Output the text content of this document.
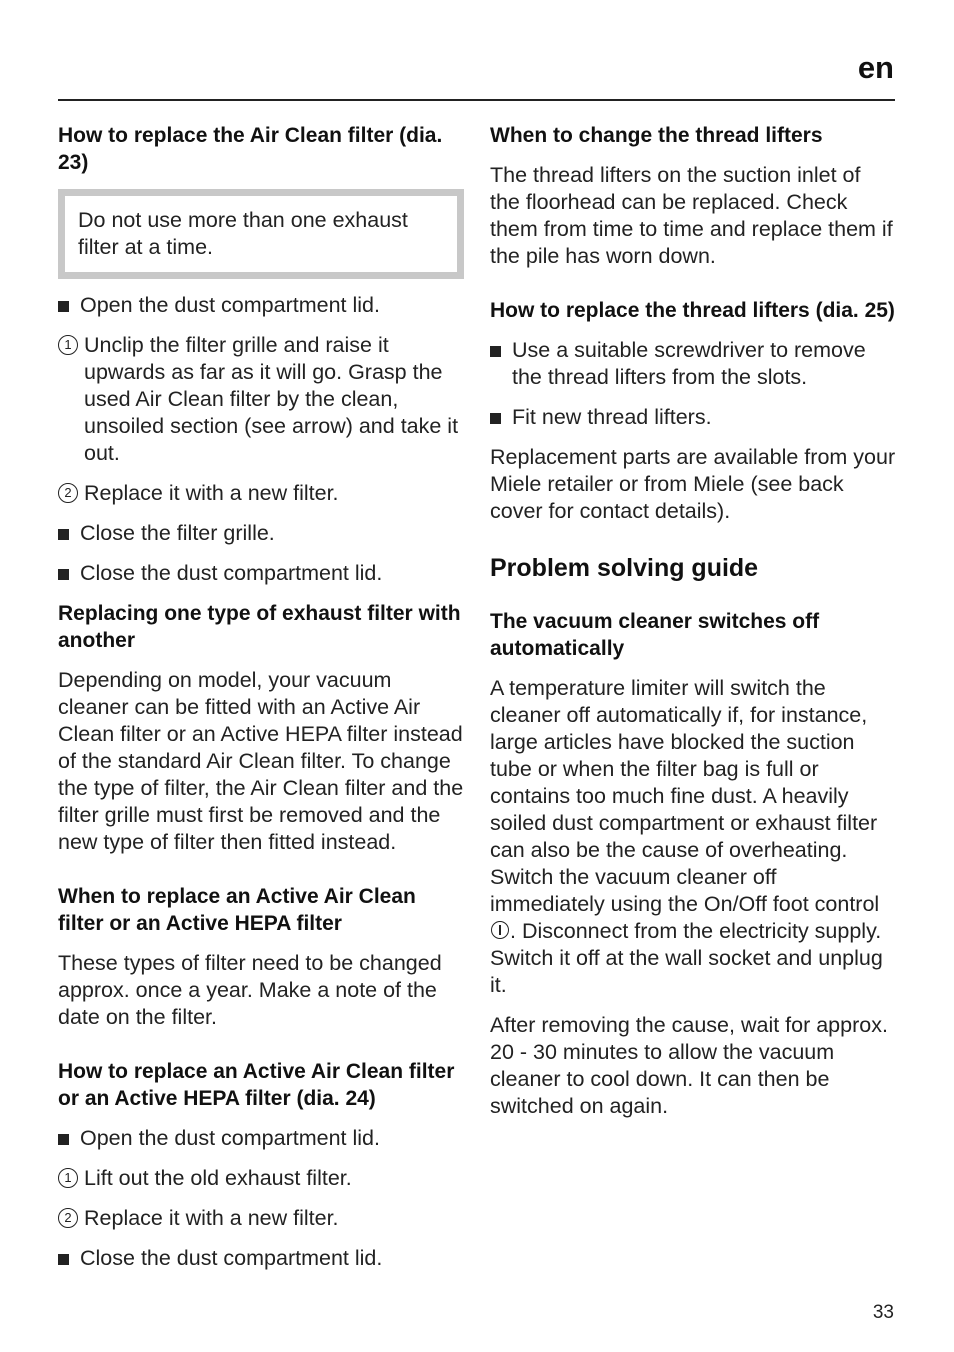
en
How to replace the Air Clean filter (dia. 23)
Do not use more than one exhaust filter at a time.
Open the dust compartment lid.
1 Unclip the filter grille and raise it upwards as far as it will go. Grasp the used Air Clean filter by the clean, unsoiled section (see arrow) and take it out.
2 Replace it with a new filter.
Close the filter grille.
Close the dust compartment lid.
Replacing one type of exhaust filter with another
Depending on model, your vacuum cleaner can be fitted with an Active Air Clean filter or an Active HEPA filter instead of the standard Air Clean filter. To change the type of filter, the Air Clean filter and the filter grille must first be removed and the new type of filter then fitted instead.
When to replace an Active Air Clean filter or an Active HEPA filter
These types of filter need to be changed approx. once a year. Make a note of the date on the filter.
How to replace an Active Air Clean filter or an Active HEPA filter (dia. 24)
Open the dust compartment lid.
1 Lift out the old exhaust filter.
2 Replace it with a new filter.
Close the dust compartment lid.
When to change the thread lifters
The thread lifters on the suction inlet of the floorhead can be replaced. Check them from time to time and replace them if the pile has worn down.
How to replace the thread lifters (dia. 25)
Use a suitable screwdriver to remove the thread lifters from the slots.
Fit new thread lifters.
Replacement parts are available from your Miele retailer or from Miele (see back cover for contact details).
Problem solving guide
The vacuum cleaner switches off automatically
A temperature limiter will switch the cleaner off automatically if, for instance, large articles have blocked the suction tube or when the filter bag is full or contains too much fine dust. A heavily soiled dust compartment or exhaust filter can also be the cause of overheating. Switch the vacuum cleaner off immediately using the On/Off foot control . Disconnect from the electricity supply. Switch it off at the wall socket and unplug it.
After removing the cause, wait for approx. 20 - 30 minutes to allow the vacuum cleaner to cool down. It can then be switched on again.
33
